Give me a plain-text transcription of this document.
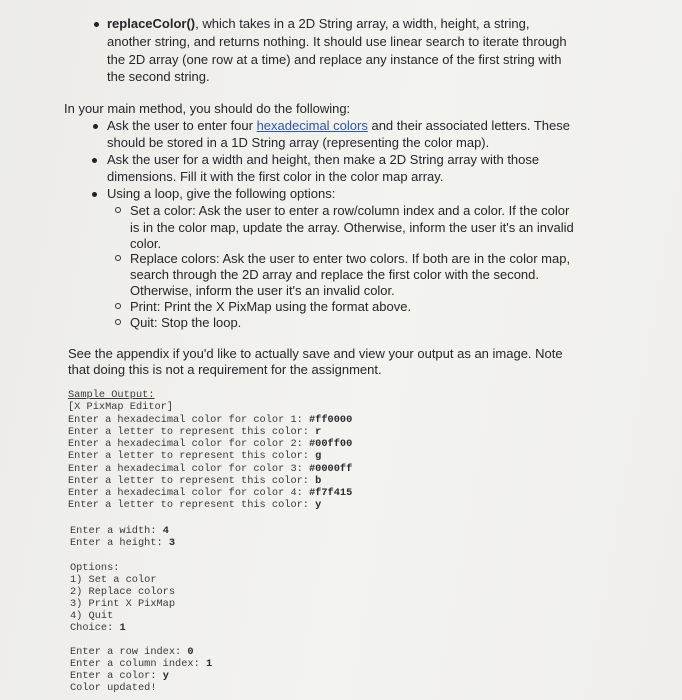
replaceColor(), which takes in a 2D String array, a width, height, a string,
another string, and returns nothing. It should use linear search to iterate through
the 2D array (one row at a time) and replace any instance of the first string with
the second string.
In your main method, you should do the following:
Ask the user to enter four hexadecimal colors and their associated letters. These
should be stored in a 1D String array (representing the color map).
Ask the user for a width and height, then make a 2D String array with those
dimensions. Fill it with the first color in the color map array.
Using a loop, give the following options:
Set a color: Ask the user to enter a row/column index and a color. If the color
is in the color map, update the array. Otherwise, inform the user it's an invalid
color.
Replace colors: Ask the user to enter two colors. If both are in the color map,
search through the 2D array and replace the first color with the second.
Otherwise, inform the user it's an invalid color.
Print: Print the X PixMap using the format above.
Quit: Stop the loop.
See the appendix if you'd like to actually save and view your output as an image. Note
that doing this is not a requirement for the assignment.
Sample Output:
[X PixMap Editor]
Enter a hexadecimal color for color 1: #ff0000
Enter a letter to represent this color: r
Enter a hexadecimal color for color 2: #00ff00
Enter a letter to represent this color: g
Enter a hexadecimal color for color 3: #0000ff
Enter a letter to represent this color: b
Enter a hexadecimal color for color 4: #f7f415
Enter a letter to represent this color: y
Enter a width: 4
Enter a height: 3
Options:
1) Set a color
2) Replace colors
3) Print X PixMap
4) Quit
Choice: 1
Enter a row index: 0
Enter a column index: 1
Enter a color: y
Color updated!
